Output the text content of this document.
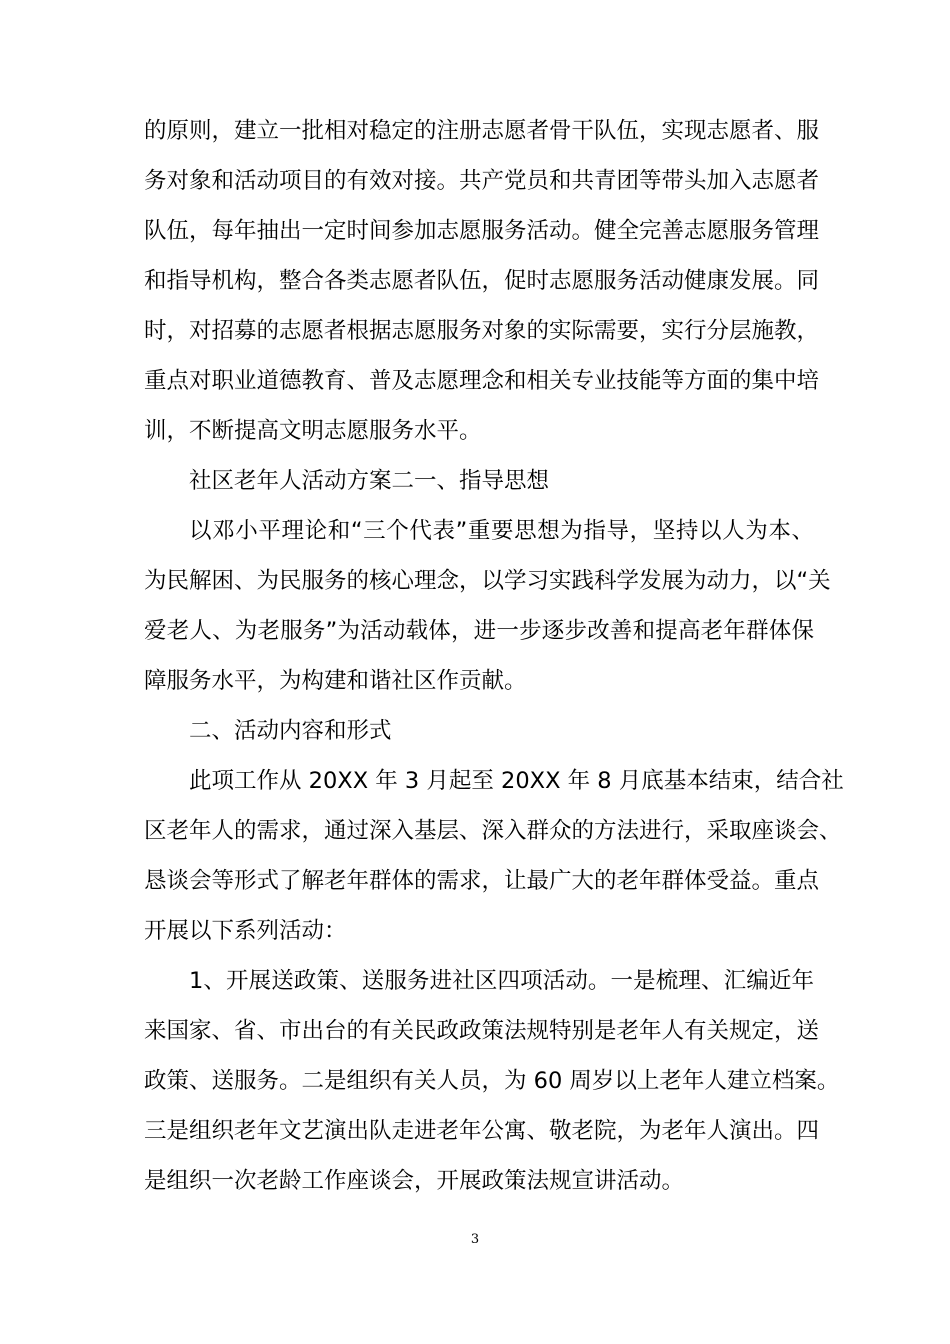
的原则，建立一批相对稳定的注册志愿者骨干队伍，实现志愿者、服
务对象和活动项目的有效对接。共产党员和共青团等带头加入志愿者
队伍，每年抽出一定时间参加志愿服务活动。健全完善志愿服务管理
和指导机构，整合各类志愿者队伍，促时志愿服务活动健康发展。同
时，对招募的志愿者根据志愿服务对象的实际需要，实行分层施教，
重点对职业道德教育、普及志愿理念和相关专业技能等方面的集中培
训，不断提高文明志愿服务水平。
社区老年人活动方案二一、指导思想
以邓小平理论和“三个代表”重要思想为指导，坚持以人为本、
为民解困、为民服务的核心理念，以学习实践科学发展为动力，以“关
爱老人、为老服务”为活动载体，进一步逐步改善和提高老年群体保
障服务水平，为构建和谐社区作贡献。
二、活动内容和形式
此项工作从 20XX 年 3 月起至 20XX 年 8 月底基本结束，结合社
区老年人的需求，通过深入基层、深入群众的方法进行，采取座谈会、
恳谈会等形式了解老年群体的需求，让最广大的老年群体受益。重点
开展以下系列活动：
1、开展送政策、送服务进社区四项活动。一是梳理、汇编近年
来国家、省、市出台的有关民政政策法规特别是老年人有关规定，送
政策、送服务。二是组织有关人员，为 60 周岁以上老年人建立档案。
三是组织老年文艺演出队走进老年公寓、敬老院，为老年人演出。四
是组织一次老龄工作座谈会，开展政策法规宣讲活动。
3
